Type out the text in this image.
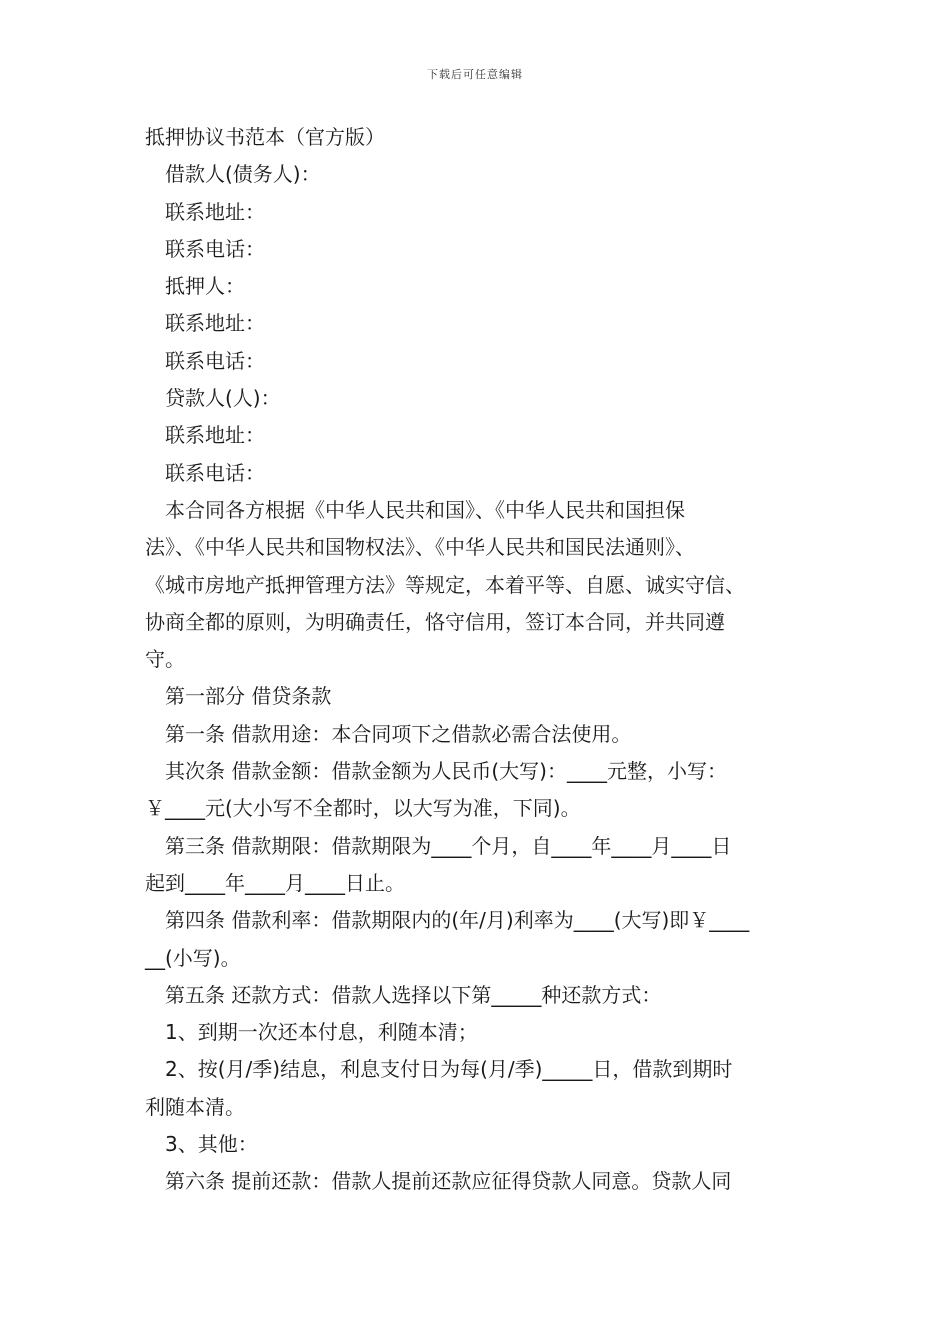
下载后可任意编辑
抵押协议书范本（官方版）
借款人(债务人)：
联系地址：
联系电话：
抵押人：
联系地址：
联系电话：
贷款人(人)：
联系地址：
联系电话：
本合同各方根据《中华人民共和国》、《中华人民共和国担保
法》、《中华人民共和国物权法》、《中华人民共和国民法通则》、
《城市房地产抵押管理方法》等规定，本着平等、自愿、诚实守信、
协商全都的原则，为明确责任，恪守信用，签订本合同，并共同遵
守。
第一部分 借贷条款
第一条 借款用途：本合同项下之借款必需合法使用。
其次条 借款金额：借款金额为人民币(大写)：____元整，小写：
￥____元(大小写不全都时，以大写为准，下同)。
第三条 借款期限：借款期限为____个月，自____年____月____日
起到____年____月____日止。
第四条 借款利率：借款期限内的(年/月)利率为____(大写)即￥____
__(小写)。
第五条 还款方式：借款人选择以下第_____种还款方式：
1、到期一次还本付息，利随本清；
2、按(月/季)结息，利息支付日为每(月/季)_____日，借款到期时
利随本清。
3、其他：
第六条 提前还款：借款人提前还款应征得贷款人同意。贷款人同
